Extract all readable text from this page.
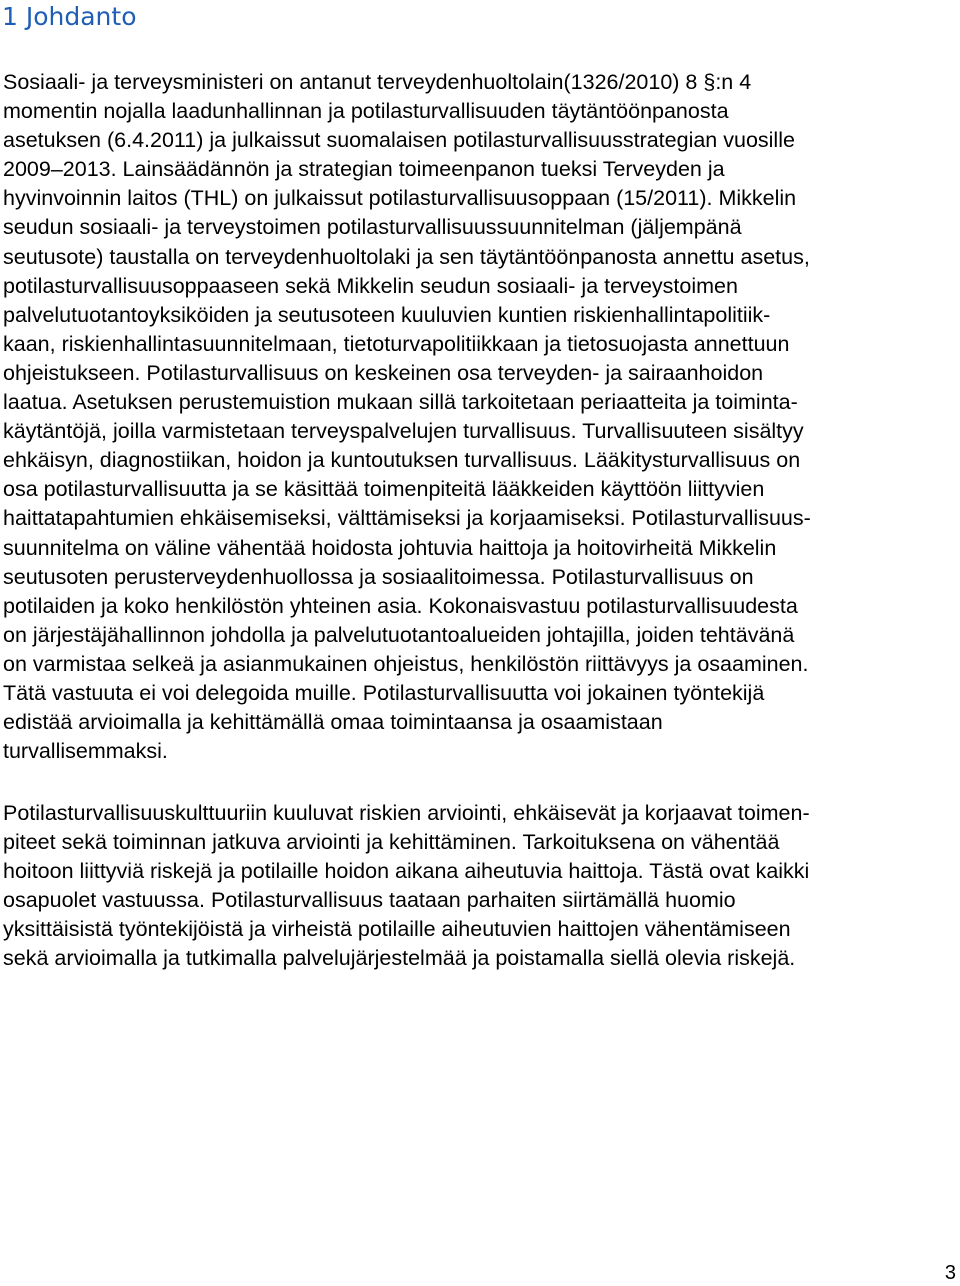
1 Johdanto
Sosiaali- ja terveysministeri on antanut terveydenhuoltolain(1326/2010) 8 §:n 4
momentin nojalla laadunhallinnan ja potilasturvallisuuden täytäntöönpanosta
asetuksen (6.4.2011) ja julkaissut suomalaisen potilasturvallisuusstrategian vuosille
2009–2013. Lainsäädännön ja strategian toimeenpanon tueksi Terveyden ja
hyvinvoinnin laitos (THL) on julkaissut potilasturvallisuusoppaan (15/2011). Mikkelin
seudun sosiaali- ja terveystoimen potilasturvallisuussuunnitelman (jäljempänä
seutusote) taustalla on terveydenhuoltolaki ja sen täytäntöönpanosta annettu asetus,
potilasturvallisuusoppaaseen sekä Mikkelin seudun sosiaali- ja terveystoimen
palvelutuotantoyksiköiden ja seutusoteen kuuluvien kuntien riskienhallintapolitiik-
kaan, riskienhallintasuunnitelmaan, tietoturvapolitiikkaan ja tietosuojasta annettuun
ohjeistukseen. Potilasturvallisuus on keskeinen osa terveyden- ja sairaanhoidon
laatua. Asetuksen perustemuistion mukaan sillä tarkoitetaan periaatteita ja toiminta-
käytäntöjä, joilla varmistetaan terveyspalvelujen turvallisuus. Turvallisuuteen sisältyy
ehkäisyn, diagnostiikan, hoidon ja kuntoutuksen turvallisuus. Lääkitysturvallisuus on
osa potilasturvallisuutta ja se käsittää toimenpiteitä lääkkeiden käyttöön liittyvien
haittatapahtumien ehkäisemiseksi, välttämiseksi ja korjaamiseksi. Potilasturvallisuus-
suunnitelma on väline vähentää hoidosta johtuvia haittoja ja hoitovirheitä Mikkelin
seutusoten perusterveydenhuollossa ja sosiaalitoimessa. Potilasturvallisuus on
potilaiden ja koko henkilöstön yhteinen asia. Kokonaisvastuu potilasturvallisuudesta
on järjestäjähallinnon johdolla ja palvelutuotantoalueiden johtajilla, joiden tehtävänä
on varmistaa selkeä ja asianmukainen ohjeistus, henkilöstön riittävyys ja osaaminen.
Tätä vastuuta ei voi delegoida muille. Potilasturvallisuutta voi jokainen työntekijä
edistää arvioimalla ja kehittämällä omaa toimintaansa ja osaamistaan
turvallisemmaksi.
Potilasturvallisuuskulttuuriin kuuluvat riskien arviointi, ehkäisevät ja korjaavat toimen-
piteet sekä toiminnan jatkuva arviointi ja kehittäminen. Tarkoituksena on vähentää
hoitoon liittyviä riskejä ja potilaille hoidon aikana aiheutuvia haittoja. Tästä ovat kaikki
osapuolet vastuussa. Potilasturvallisuus taataan parhaiten siirtämällä huomio
yksittäisistä työntekijöistä ja virheistä potilaille aiheutuvien haittojen vähentämiseen
sekä arvioimalla ja tutkimalla palvelujärjestelmää ja poistamalla siellä olevia riskejä.
3
